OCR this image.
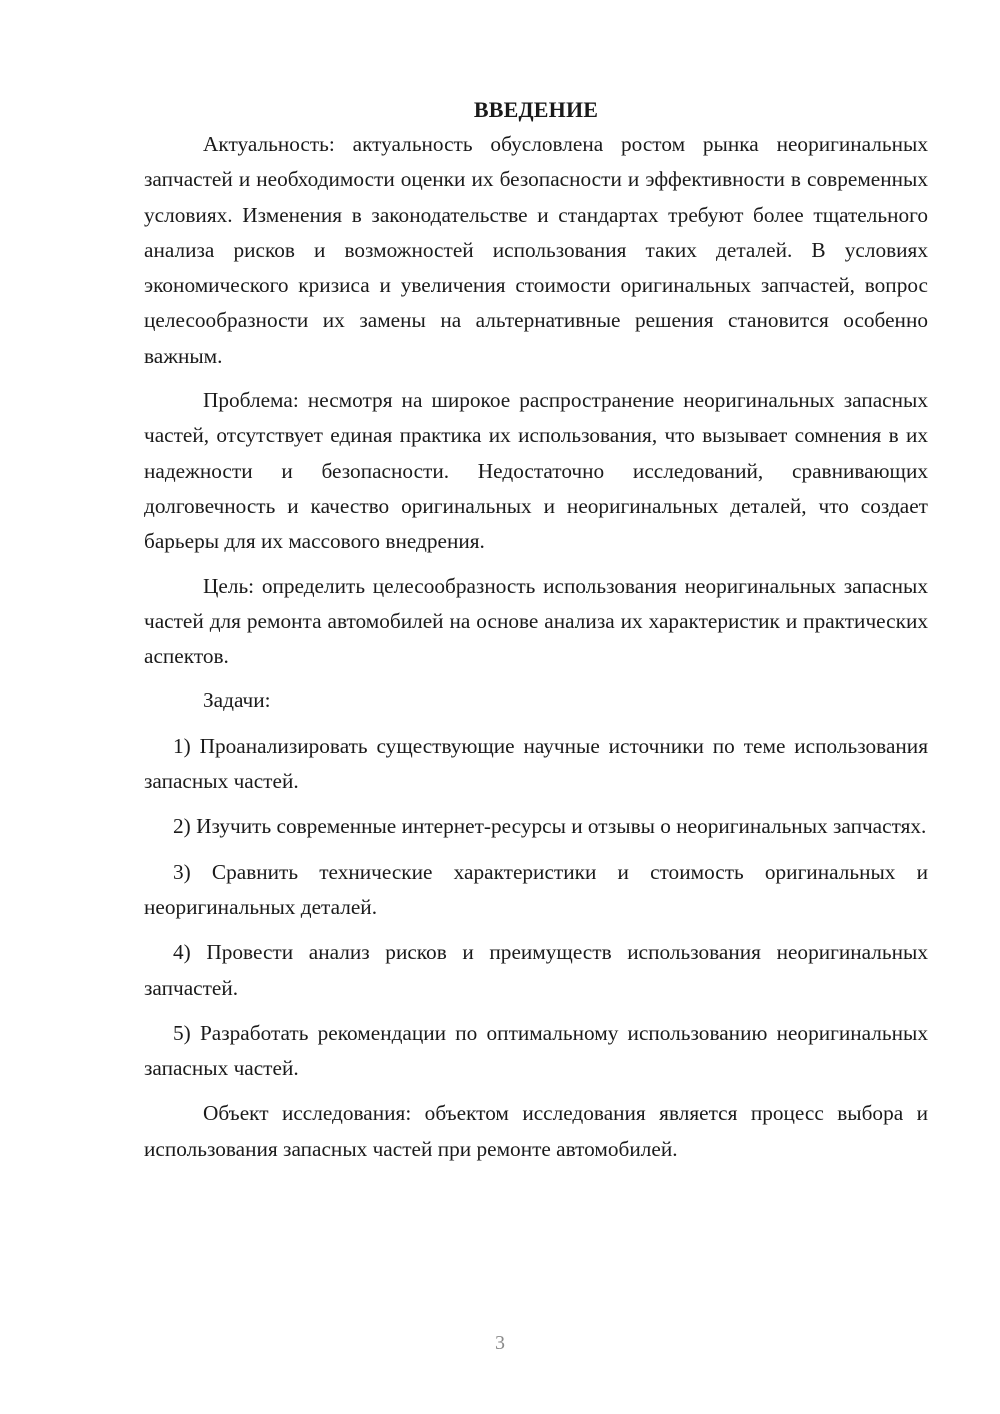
ВВЕДЕНИЕ

Актуальность: актуальность обусловлена ростом рынка неоригинальных запчастей и необходимости оценки их безопасности и эффективности в современных условиях. Изменения в законодательстве и стандартах требуют более тщательного анализа рисков и возможностей использования таких деталей. В условиях экономического кризиса и увеличения стоимости оригинальных запчастей, вопрос целесообразности их замены на альтернативные решения становится особенно важным.

Проблема: несмотря на широкое распространение неоригинальных запасных частей, отсутствует единая практика их использования, что вызывает сомнения в их надежности и безопасности. Недостаточно исследований, сравнивающих долговечность и качество оригинальных и неоригинальных деталей, что создает барьеры для их массового внедрения.

Цель: определить целесообразность использования неоригинальных запасных частей для ремонта автомобилей на основе анализа их характеристик и практических аспектов.

Задачи:

1) Проанализировать существующие научные источники по теме использования запасных частей.

2) Изучить современные интернет-ресурсы и отзывы о неоригинальных запчастях.

3) Сравнить технические характеристики и стоимость оригинальных и неоригинальных деталей.

4) Провести анализ рисков и преимуществ использования неоригинальных запчастей.

5) Разработать рекомендации по оптимальному использованию неоригинальных запасных частей.

Объект исследования: объектом исследования является процесс выбора и использования запасных частей при ремонте автомобилей.

3
